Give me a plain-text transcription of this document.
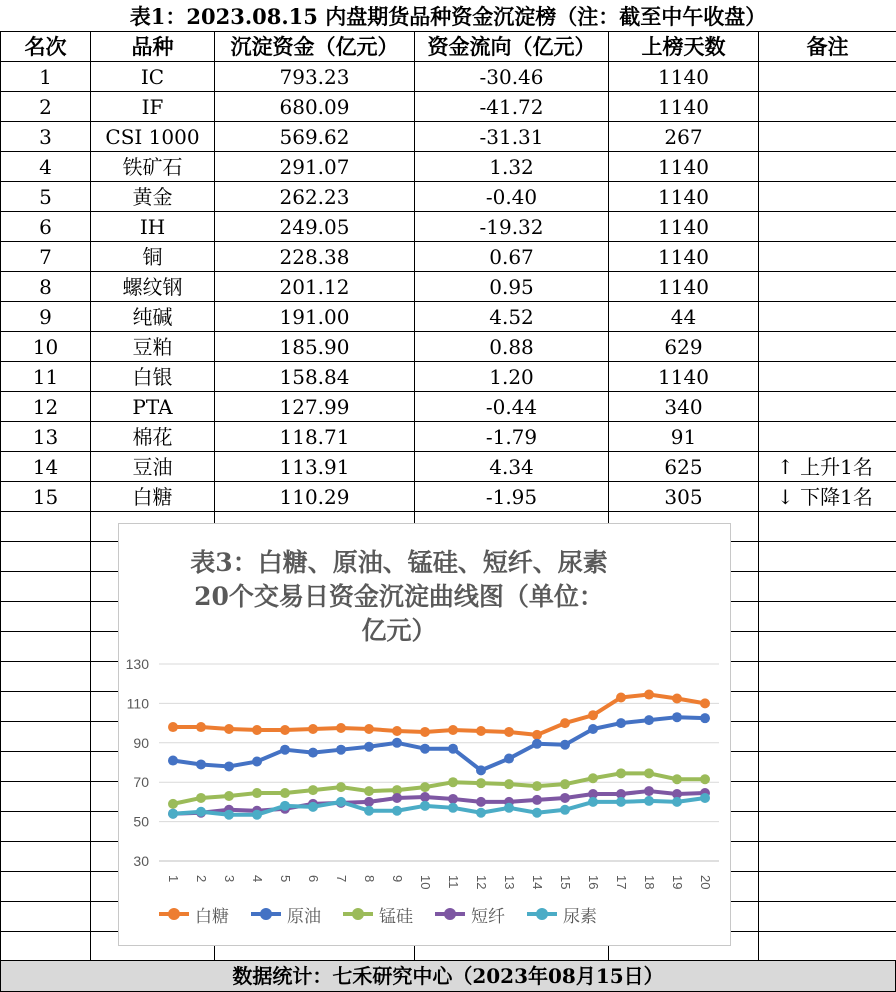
表1：2023.08.15 内盘期货品种资金沉淀榜（注：截至中午收盘）
名次	品种	沉淀资金（亿元）	资金流向（亿元）	上榜天数	备注
1	IC	793.23	-30.46	1140	
2	IF	680.09	-41.72	1140	
3	CSI 1000	569.62	-31.31	267	
4	铁矿石	291.07	1.32	1140	
5	黄金	262.23	-0.40	1140	
6	IH	249.05	-19.32	1140	
7	铜	228.38	0.67	1140	
8	螺纹钢	201.12	0.95	1140	
9	纯碱	191.00	4.52	44	
10	豆粕	185.90	0.88	629	
11	白银	158.84	1.20	1140	
12	PTA	127.99	-0.44	340	
13	棉花	118.71	-1.79	91	
14	豆油	113.91	4.34	625	↑ 上升1名
15	白糖	110.29	-1.95	305	↓ 下降1名

表3：白糖、原油、锰硅、短纤、尿素
20个交易日资金沉淀曲线图（单位：
亿元）
30
50
70
90
110
130
1 2 3 4 5 6 7 8 9 10 11 12 13 14 15 16 17 18 19 20
白糖	原油	锰硅	短纤	尿素
数据统计：七禾研究中心（2023年08月15日）
